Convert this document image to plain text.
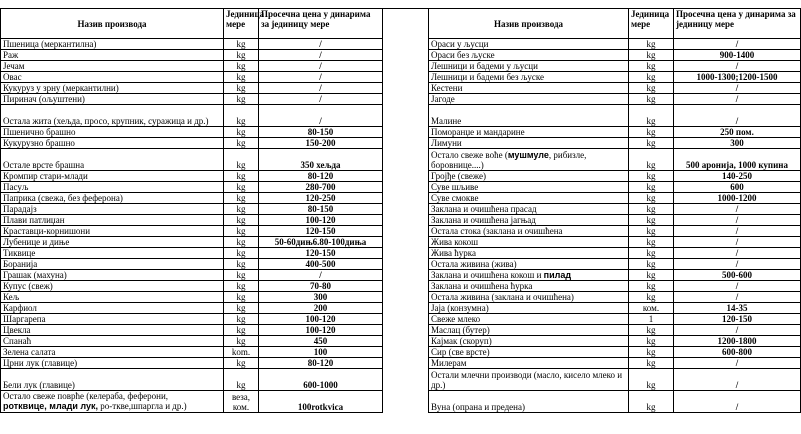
Назив производа	Јединица мере	Просечна цена у динарима за јединицу мере
Пшеница (меркантилна)	kg	/
Раж	kg	/
Јечам	kg	/
Овас	kg	/
Кукуруз у зрну (меркантилни)	kg	/
Пиринач (ољуштени)	kg	/
Остала жита (хељда, просо, крупник, суражица и др.)	kg	/
Пшенично брашно	kg	80-150
Кукурузно брашно	kg	150-200
Остале врсте брашна	kg	350 хељда
Кромпир стари-млади	kg	80-120
Пасуљ	kg	280-700
Паприка (свежа, без феферона)	kg	120-250
Парадајз	kg	80-150
Плави патлиџан	kg	100-120
Краставци-корнишони	kg	120-150
Лубенице и диње	kg	50-60дињ6.80-100диња
Тиквице	kg	120-150
Боранија	kg	400-500
Грашак (махуна)	kg	/
Купус (свеж)	kg	70-80
Кељ	kg	300
Карфиол	kg	200
Шаргарепа	kg	100-120
Цвекла	kg	100-120
Спанаћ	kg	450
Зелена салата	kom.	100
Црни лук (главице)	kg	80-120
Бели лук (главице)	kg	600-1000
Остало свеже поврће (келераба, феферони,
ротквице, млади лук, ро-ткве,шпаргла и др.)	веза, ком.	100rotkvica
Назив производа	Јединица мере	Просечна цена у динарима за јединицу мере
Ораси у љусци	kg	/
Ораси без љуске	kg	900-1400
Лешници и бадеми у љусци	kg	/
Лешници и бадеми без љуске	kg	1000-1300;1200-1500
Кестени	kg	/
Јагоде	kg	/
Малине	kg	/
Поморанџе и мандарине	kg	250 пом.
Лимуни	kg	300
Остало свеже воће (мушмуле, рибизле, боровнице....)	kg	500 аронија, 1000 купина
Гројђе (свеже)	kg	140-250
Суве шљиве	kg	600
Суве смокве	kg	1000-1200
Заклана и очишћена прасад	kg	/
Заклана и очишћена јагњад	kg	/
Остала стока (заклана и очишћена	kg	/
Жива кокош	kg	/
Жива ћурка	kg	/
Остала живина (жива)	kg	/
Заклана и очишћена кокош и пилад	kg	500-600
Заклана и очишћена ћурка	kg	/
Остала живина (заклана и очишћена)	kg	/
Јаја (конзумна)	ком.	14-35
Свеже млеко	1	120-150
Маслац (бутер)	kg	/
Кајмак (скоруп)	kg	1200-1800
Сир (све врсте)	kg	600-800
Милерам	kg	/
Остали млечни производи (масло, кисело млеко и др.)	kg	/
Вуна (опрана и предена)	kg	/
